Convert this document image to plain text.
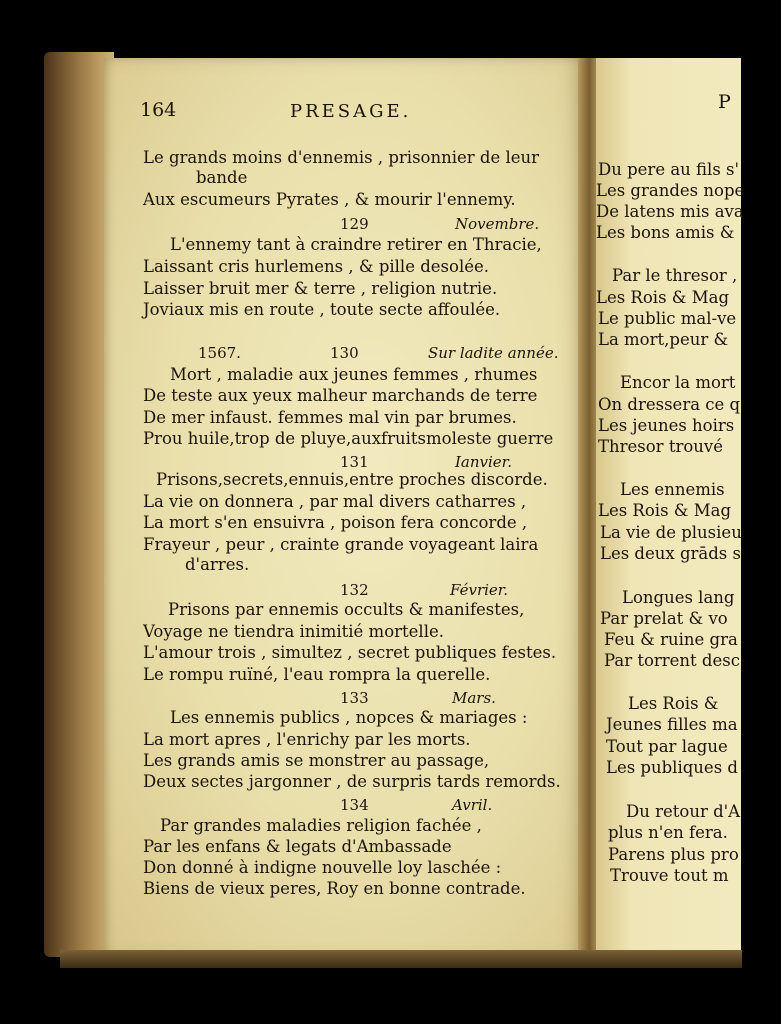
164	PRESAGE.
Le grands moins d'ennemis , prisonnier de leur
bande
Aux escumeurs Pyrates , & mourir l'ennemy.
129	Novembre.
L'ennemy tant à craindre retirer en Thracie,
Laissant cris hurlemens , & pille desolée.
Laisser bruit mer & terre , religion nutrie.
Joviaux mis en route , toute secte affoulée.
1567.	130	Sur ladite année.
Mort , maladie aux jeunes femmes , rhumes
De teste aux yeux malheur marchands de terre
De mer infaust. femmes mal vin par brumes.
Prou huile,trop de pluye,auxfruitsmoleste guerre
131	Ianvier.
Prisons,secrets,ennuis,entre proches discorde.
La vie on donnera , par mal divers catharres ,
La mort s'en ensuivra , poison fera concorde ,
Frayeur , peur , crainte grande voyageant laira
d'arres.
132	Février.
Prisons par ennemis occults & manifestes,
Voyage ne tiendra inimitié mortelle.
L'amour trois , simultez , secret publiques festes.
Le rompu ruïné, l'eau rompra la querelle.
133	Mars.
Les ennemis publics , nopces & mariages :
La mort apres , l'enrichy par les morts.
Les grands amis se monstrer au passage,
Deux sectes jargonner , de surpris tards remords.
134	Avril.
Par grandes maladies religion fachée ,
Par les enfans & legats d'Ambassade
Don donné à indigne nouvelle loy laschée :
Biens de vieux peres, Roy en bonne contrade.
P
Du pere au fils s'
Les grandes nope
De latens mis ava
Les bons amis &
Par le thresor ,
Les Rois & Mag
Le public mal-ve
La mort,peur &
Encor la mort
On dressera ce q
Les jeunes hoirs
Thresor trouvé
Les ennemis
Les Rois & Mag
La vie de plusieu
Les deux grāds s
Longues lang
Par prelat & vo
Feu & ruine gra
Par torrent desc
Les Rois &
Jeunes filles ma
Tout par lague
Les publiques d
Du retour d'A
plus n'en fera.
Parens plus pro
Trouve tout m
